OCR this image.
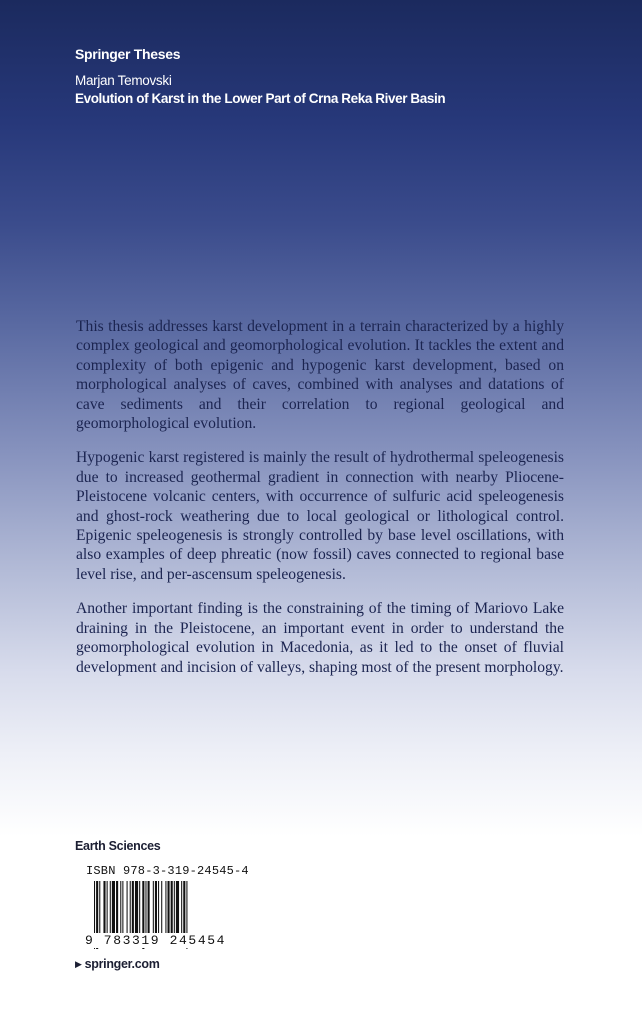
Springer Theses
Marjan Temovski
Evolution of Karst in the Lower Part of Crna Reka River Basin

This thesis addresses karst development in a terrain characterized by a highly complex geological and geomorphological evolution. It tackles the extent and complexity of both epigenic and hypogenic karst development, based on morphological analyses of caves, combined with analyses and datations of cave sediments and their correlation to regional geological and geomorphological evolution.

Hypogenic karst registered is mainly the result of hydrothermal speleogenesis due to increased geothermal gradient in connection with nearby Pliocene-Pleistocene volcanic centers, with occurrence of sulfuric acid speleogenesis and ghost-rock weathering due to local geological or lithological control. Epigenic speleogenesis is strongly controlled by base level oscillations, with also examples of deep phreatic (now fossil) caves connected to regional base level rise, and per-ascensum speleogenesis.

Another important finding is the constraining of the timing of Mariovo Lake draining in the Pleistocene, an important event in order to understand the geomorphological evolution in Macedonia, as it led to the onset of fluvial development and incision of valleys, shaping most of the present morphology.

Earth Sciences
ISBN 978-3-319-24545-4
9 783319 245454
▶ springer.com
